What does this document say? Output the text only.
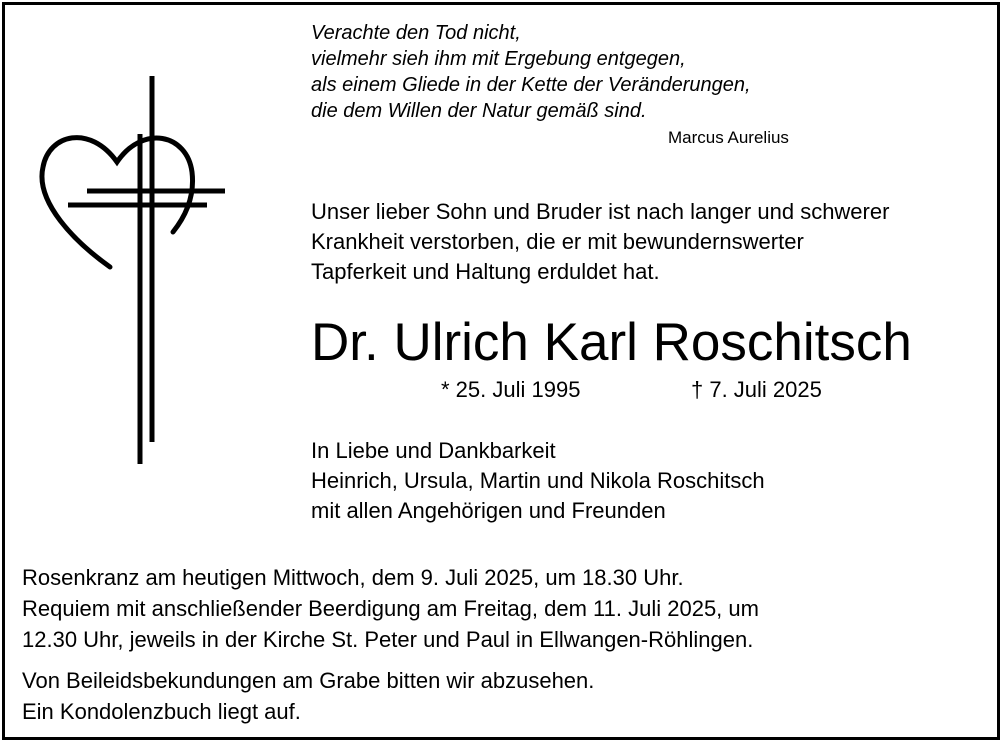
Verachte den Tod nicht,
vielmehr sieh ihm mit Ergebung entgegen,
als einem Gliede in der Kette der Veränderungen,
die dem Willen der Natur gemäß sind.
Marcus Aurelius
Unser lieber Sohn und Bruder ist nach langer und schwerer
Krankheit verstorben, die er mit bewundernswerter
Tapferkeit und Haltung erduldet hat.
Dr. Ulrich Karl Roschitsch
* 25. Juli 1995	† 7. Juli 2025
In Liebe und Dankbarkeit
Heinrich, Ursula, Martin und Nikola Roschitsch
mit allen Angehörigen und Freunden
Rosenkranz am heutigen Mittwoch, dem 9. Juli 2025, um 18.30 Uhr.
Requiem mit anschließender Beerdigung am Freitag, dem 11. Juli 2025, um
12.30 Uhr, jeweils in der Kirche St. Peter und Paul in Ellwangen-Röhlingen.
Von Beileidsbekundungen am Grabe bitten wir abzusehen.
Ein Kondolenzbuch liegt auf.
